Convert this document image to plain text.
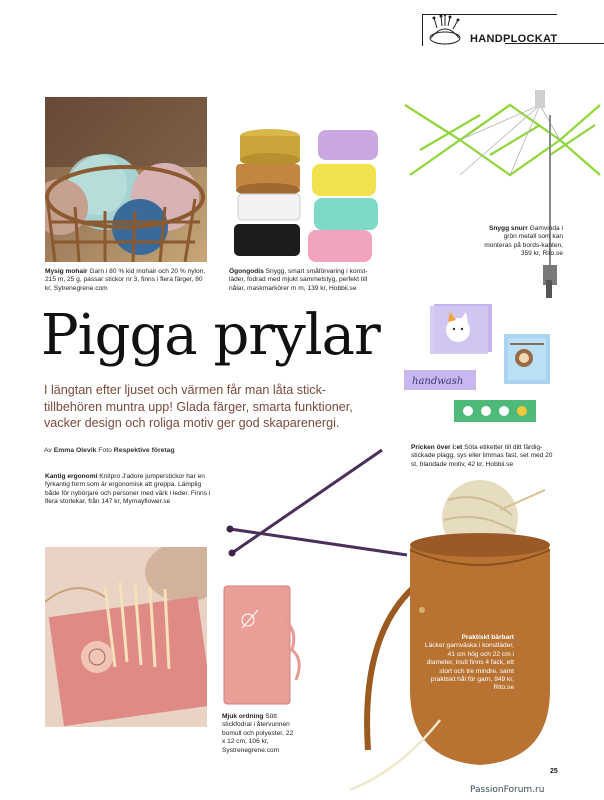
HANDPLOCKAT
Mysig mohair Garn i 80 % kid mohair och 20 % nylon, 215 m, 25 g, passar stickor nr 3, finns i flera färger, 80 kr, Sytrenegrene.com
Ögongodis Snygg, smart småförvaring i konst-läder, fodrad med mjukt sammetstyg, perfekt till nålar, maskmarkörer m m, 139 kr, Hobbii.se
Snygg snurr Gamvinda i grön metall som kan monteras på bords-kanten, 359 kr, Rito.se
Pigga prylar
I längtan efter ljuset och värmen får man låta stick-tillbehören muntra upp! Glada färger, smarta funktioner, vacker design och roliga motiv ger god skaparenergi.
Av Emma Olevik Foto Respektive företag
handwash
Pricken över i:et Söta etiketter till ditt färdig-stickade plagg, sys eller limmas fast, set med 20 st, blandade motiv, 42 kr, Hobbii.se
Kantig ergonomi Knitpro J'adore jumperstickor har en fyrkantig form som är ergonomisk att greppa. Lämplig både för nybörjare och personer med värk i leder. Finns i flera storlekar, från 147 kr, Mymayflower.se
Mjuk ordning Sött stickfodral i återvunnen bomull och polyester, 22 x 12 cm, 106 kr, Systrenegrene.com
Praktiskt bärbart
Läcker garnväska i konstläder, 41 cm hög och 22 cm i diameter, inuti finns 4 fack, ett stort och tre mindre, samt praktiskt hål för garn, 949 kr, Rito.se
25
PassionForum.ru
